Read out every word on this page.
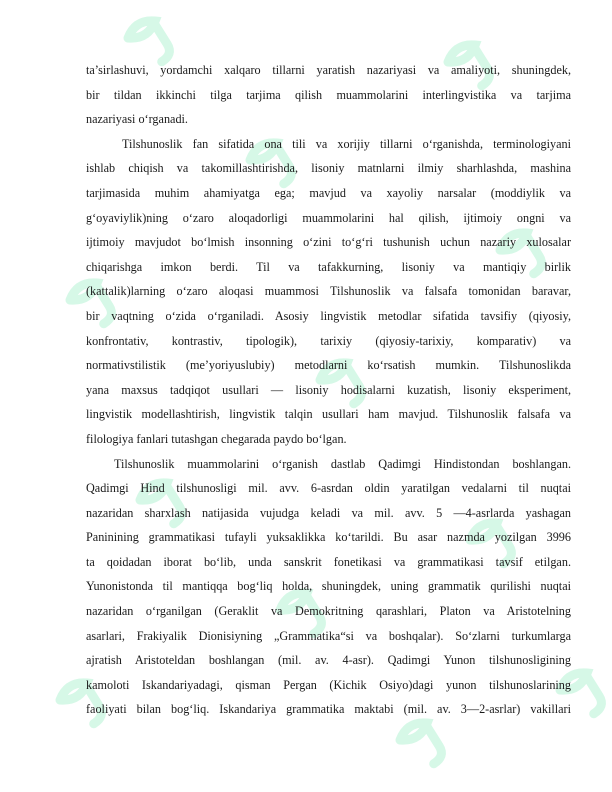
ta’sirlashuvi, yordamchi xalqaro tillarni yaratish nazariyasi va amaliyoti, shuningdek,
bir tildan ikkinchi tilga tarjima qilish muammolarini interlingvistika va tarjima
nazariyasi o‘rganadi.

Tilshunoslik fan sifatida ona tili va xorijiy tillarni o‘rganishda, terminologiyani
ishlab chiqish va takomillashtirishda, lisoniy matnlarni ilmiy sharhlashda, mashina
tarjimasida muhim ahamiyatga ega; mavjud va xayoliy narsalar (moddiylik va
g‘oyaviylik)ning o‘zaro aloqadorligi muammolarini hal qilish, ijtimoiy ongni va
ijtimoiy mavjudot bo‘lmish insonning o‘zini to‘g‘ri tushunish uchun nazariy xulosalar
chiqarishga imkon berdi. Til va tafakkurning, lisoniy va mantiqiy birlik
(kattalik)larning o‘zaro aloqasi muammosi Tilshunoslik va falsafa tomonidan baravar,
bir vaqtning o‘zida o‘rganiladi. Asosiy lingvistik metodlar sifatida tavsifiy (qiyosiy,
konfrontativ, kontrastiv, tipologik), tarixiy (qiyosiy-tarixiy, komparativ) va
normativstilistik (me’yoriyuslubiy) metodlarni ko‘rsatish mumkin. Tilshunoslikda
yana maxsus tadqiqot usullari — lisoniy hodisalarni kuzatish, lisoniy eksperiment,
lingvistik modellashtirish, lingvistik talqin usullari ham mavjud. Tilshunoslik falsafa va
filologiya fanlari tutashgan chegarada paydo bo‘lgan.

Tilshunoslik muammolarini o‘rganish dastlab Qadimgi Hindistondan boshlangan.
Qadimgi Hind tilshunosligi mil. avv. 6-asrdan oldin yaratilgan vedalarni til nuqtai
nazaridan sharxlash natijasida vujudga keladi va mil. avv. 5 —4-asrlarda yashagan
Paninining grammatikasi tufayli yuksaklikka ko‘tarildi. Bu asar nazmda yozilgan 3996
ta qoidadan iborat bo‘lib, unda sanskrit fonetikasi va grammatikasi tavsif etilgan.
Yunonistonda til mantiqqa bog‘liq holda, shuningdek, uning grammatik qurilishi nuqtai
nazaridan o‘rganilgan (Geraklit va Demokritning qarashlari, Platon va Aristotelning
asarlari, Frakiyalik Dionisiyning „Grammatika“si va boshqalar). So‘zlarni turkumlarga
ajratish Aristoteldan boshlangan (mil. av. 4-asr). Qadimgi Yunon tilshunosligining
kamoloti Iskandariyadagi, qisman Pergan (Kichik Osiyo)dagi yunon tilshunoslarining
faoliyati bilan bog‘liq. Iskandariya grammatika maktabi (mil. av. 3—2-asrlar) vakillari
